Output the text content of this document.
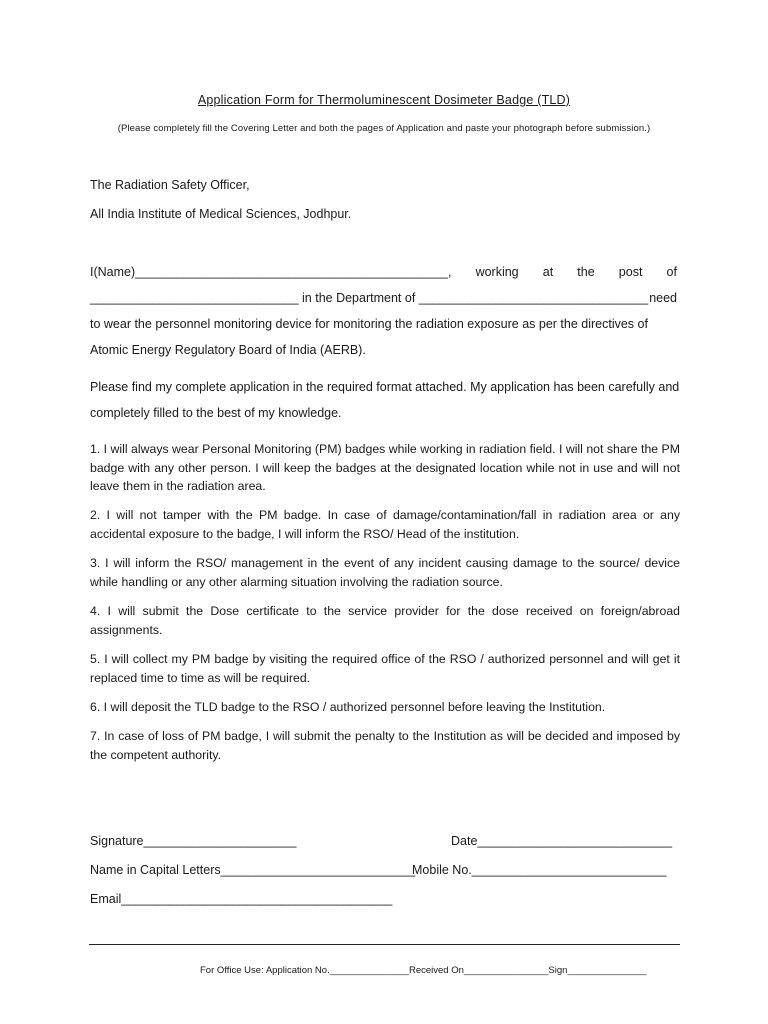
Application Form for Thermoluminescent Dosimeter Badge (TLD)
(Please completely fill the Covering Letter and both the pages of Application and paste your photograph before submission.)
The Radiation Safety Officer,
All India Institute of Medical Sciences, Jodhpur.
I(Name)_____________________________________________, working at the post of
______________________________ in the Department of _________________________________ need
to wear the personnel monitoring device for monitoring the radiation exposure as per the directives of
Atomic Energy Regulatory Board of India (AERB).
Please find my complete application in the required format attached. My application has been carefully and completely filled to the best of my knowledge.
1. I will always wear Personal Monitoring (PM) badges while working in radiation field. I will not share the PM badge with any other person. I will keep the badges at the designated location while not in use and will not leave them in the radiation area.
2. I will not tamper with the PM badge. In case of damage/contamination/fall in radiation area or any accidental exposure to the badge, I will inform the RSO/ Head of the institution.
3. I will inform the RSO/ management in the event of any incident causing damage to the source/ device while handling or any other alarming situation involving the radiation source.
4. I will submit the Dose certificate to the service provider for the dose received on foreign/abroad assignments.
5. I will collect my PM badge by visiting the required office of the RSO / authorized personnel and will get it replaced time to time as will be required.
6. I will deposit the TLD badge to the RSO / authorized personnel before leaving the Institution.
7. In case of loss of PM badge, I will submit the penalty to the Institution as will be decided and imposed by the competent authority.
Signature______________________	Date____________________________
Name in Capital Letters____________________________
Mobile No.____________________________
Email_______________________________________
For Office Use: Application No._______________Received On________________Sign_______________
